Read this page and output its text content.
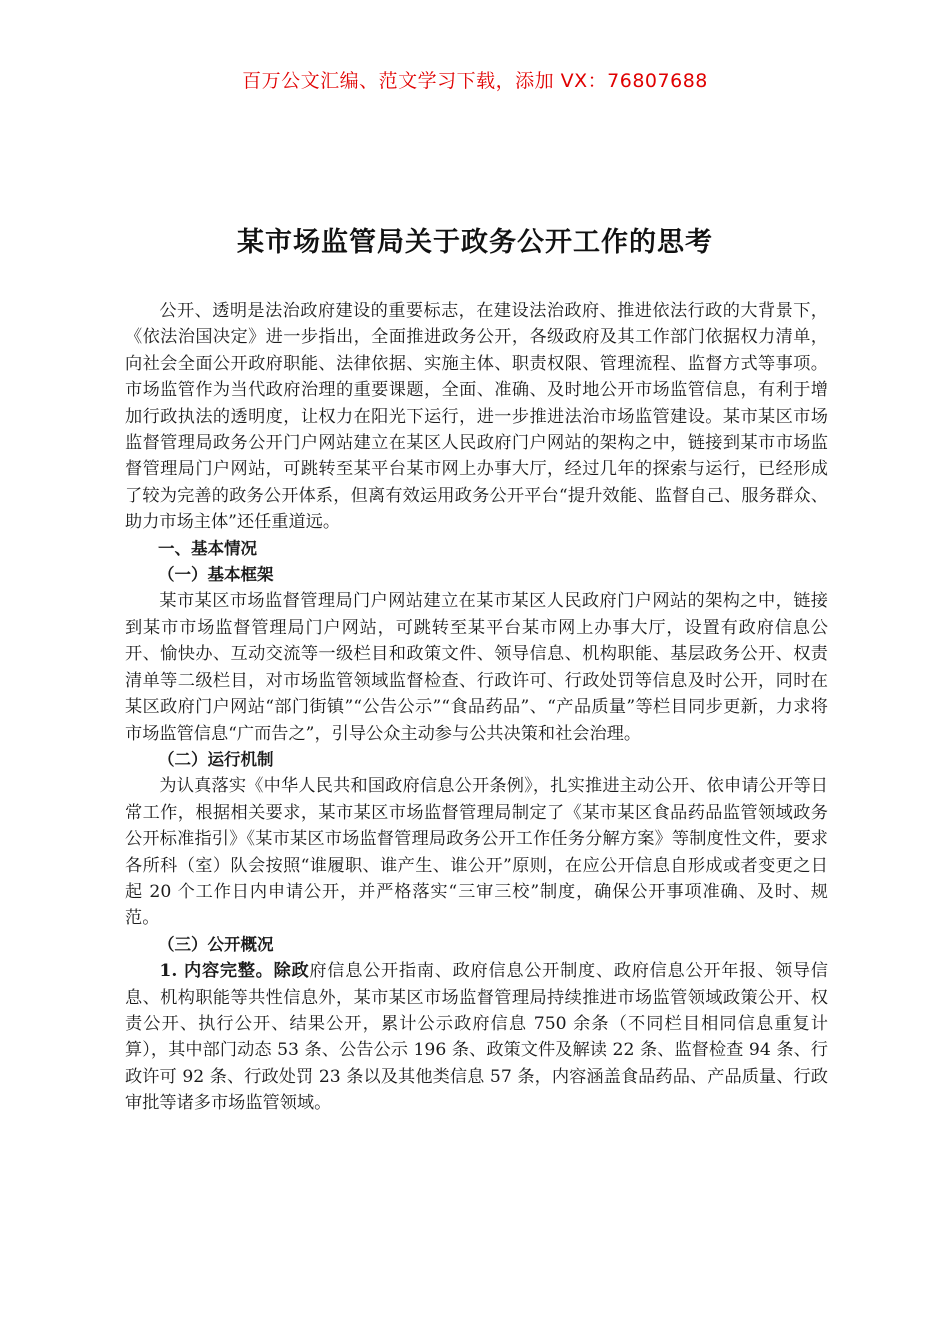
百万公文汇编、范文学习下载，添加 VX：76807688
某市场监管局关于政务公开工作的思考

公开、透明是法治政府建设的重要标志，在建设法治政府、推进依法行政的大背景下，《依法治国决定》进一步指出，全面推进政务公开，各级政府及其工作部门依据权力清单，向社会全面公开政府职能、法律依据、实施主体、职责权限、管理流程、监督方式等事项。市场监管作为当代政府治理的重要课题，全面、准确、及时地公开市场监管信息，有利于增加行政执法的透明度，让权力在阳光下运行，进一步推进法治市场监管建设。某市某区市场监督管理局政务公开门户网站建立在某区人民政府门户网站的架构之中，链接到某市市场监督管理局门户网站，可跳转至某平台某市网上办事大厅，经过几年的探索与运行，已经形成了较为完善的政务公开体系，但离有效运用政务公开平台“提升效能、监督自己、服务群众、助力市场主体”还任重道远。

一、基本情况

（一）基本框架

某市某区市场监督管理局门户网站建立在某市某区人民政府门户网站的架构之中，链接到某市市场监督管理局门户网站，可跳转至某平台某市网上办事大厅，设置有政府信息公开、愉快办、互动交流等一级栏目和政策文件、领导信息、机构职能、基层政务公开、权责清单等二级栏目，对市场监管领域监督检查、行政许可、行政处罚等信息及时公开，同时在某区政府门户网站“部门街镇”“公告公示”“食品药品”、“产品质量”等栏目同步更新，力求将市场监管信息“广而告之”，引导公众主动参与公共决策和社会治理。

（二）运行机制

为认真落实《中华人民共和国政府信息公开条例》，扎实推进主动公开、依申请公开等日常工作，根据相关要求，某市某区市场监督管理局制定了《某市某区食品药品监管领域政务公开标准指引》《某市某区市场监督管理局政务公开工作任务分解方案》等制度性文件，要求各所科（室）队会按照“谁履职、谁产生、谁公开”原则，在应公开信息自形成或者变更之日起 20 个工作日内申请公开，并严格落实“三审三校”制度，确保公开事项准确、及时、规范。

（三）公开概况

1. 内容完整。除政府信息公开指南、政府信息公开制度、政府信息公开年报、领导信息、机构职能等共性信息外，某市某区市场监督管理局持续推进市场监管领域政策公开、权责公开、执行公开、结果公开，累计公示政府信息 750 余条（不同栏目相同信息重复计算），其中部门动态 53 条、公告公示 196 条、政策文件及解读 22 条、监督检查 94 条、行政许可 92 条、行政处罚 23 条以及其他类信息 57 条，内容涵盖食品药品、产品质量、行政审批等诸多市场监管领域。
